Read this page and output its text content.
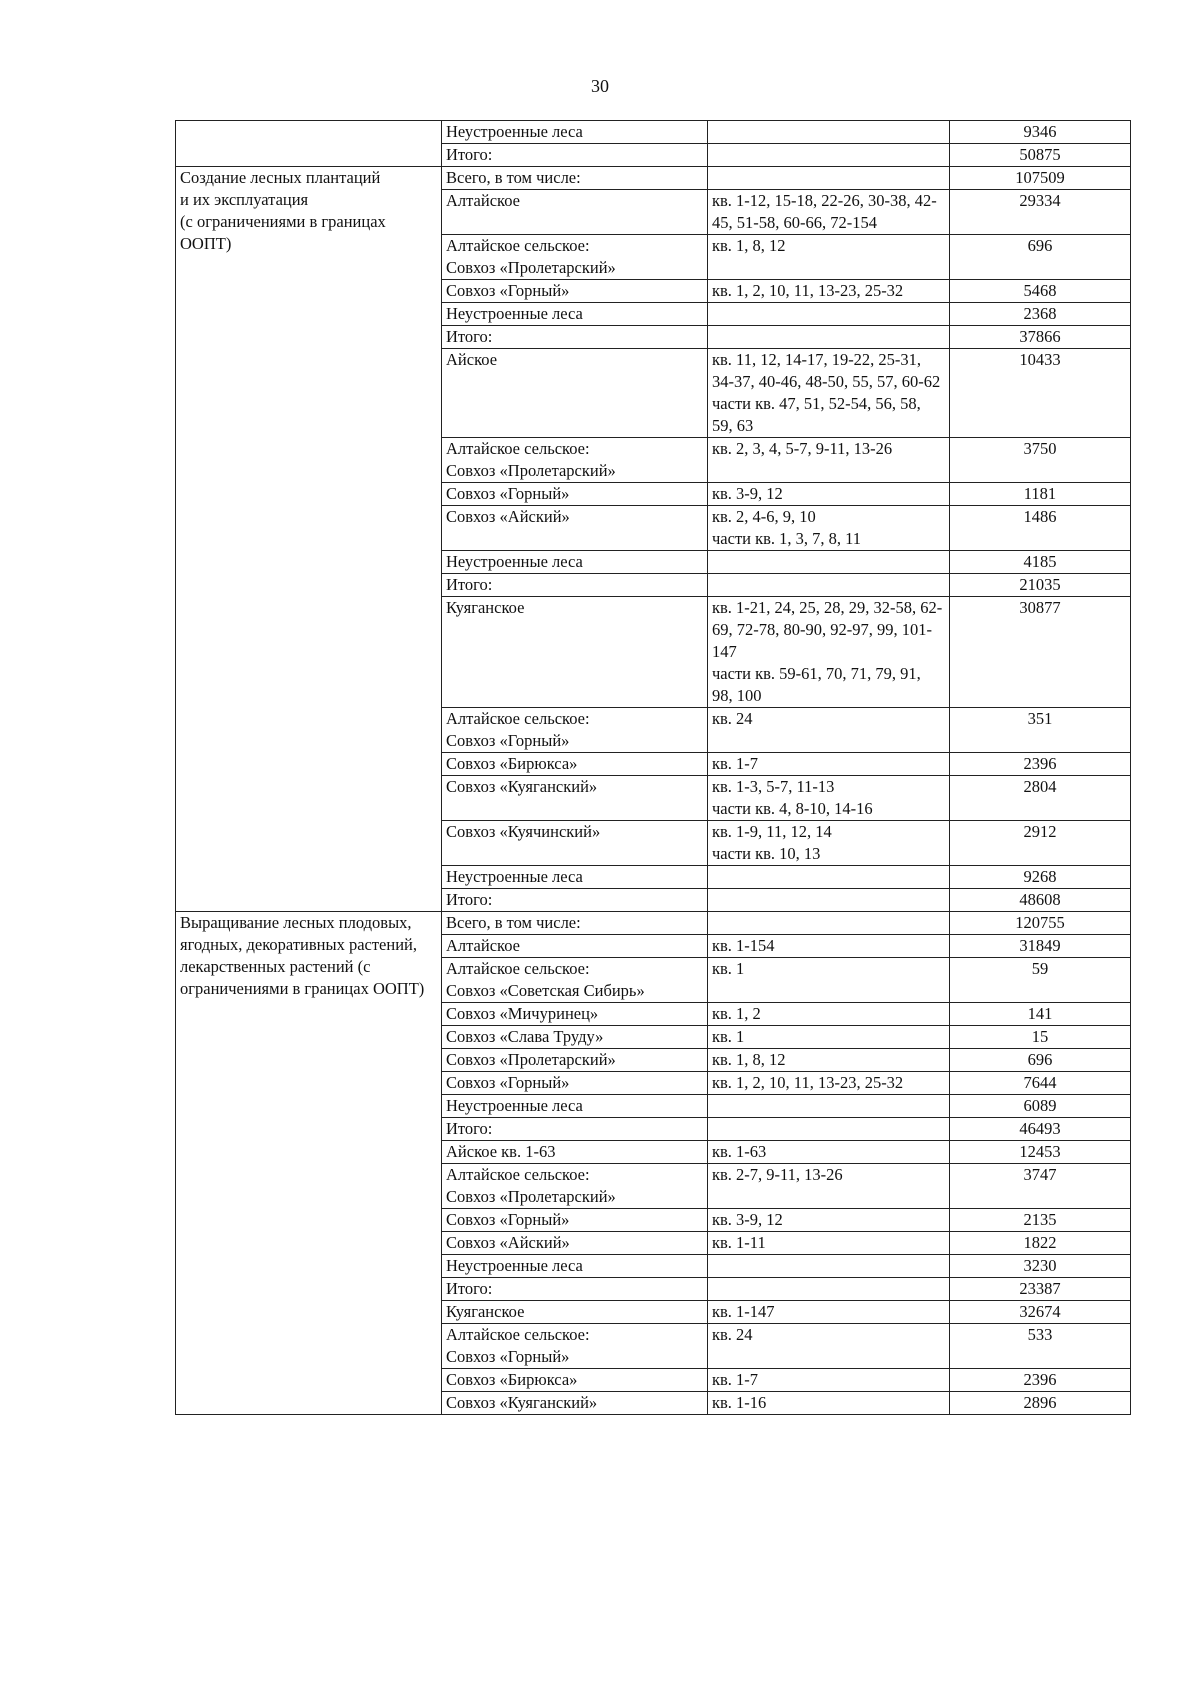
30

	Неустроенные леса		9346

	Итого:		50875

Создание лесных плантаций
и их эксплуатация
(с ограничениями в границах ООПТ)	Всего, в том числе:		107509

	Алтайское	кв. 1-12, 15-18, 22-26, 30-38, 42-45, 51-58, 60-66, 72-154	29334

	Алтайское сельское:
Совхоз «Пролетарский»	кв. 1, 8, 12	696

	Совхоз «Горный»	кв. 1, 2, 10, 11, 13-23, 25-32	5468

	Неустроенные леса		2368

	Итого:		37866

	Айское	кв. 11, 12, 14-17, 19-22, 25-31, 34-37, 40-46, 48-50, 55, 57, 60-62
части кв. 47, 51, 52-54, 56, 58, 59, 63	10433

	Алтайское сельское:
Совхоз «Пролетарский»	кв. 2, 3, 4, 5-7, 9-11, 13-26	3750

	Совхоз «Горный»	кв. 3-9, 12	1181

	Совхоз «Айский»	кв. 2, 4-6, 9, 10
части кв. 1, 3, 7, 8, 11	1486

	Неустроенные леса		4185

	Итого:		21035

	Куяганское	кв. 1-21, 24, 25, 28, 29, 32-58, 62-69, 72-78, 80-90, 92-97, 99, 101-147
части кв. 59-61, 70, 71, 79, 91, 98, 100	30877

	Алтайское сельское:
Совхоз «Горный»	кв. 24	351

	Совхоз «Бирюкса»	кв. 1-7	2396

	Совхоз «Куяганский»	кв. 1-3, 5-7, 11-13
части кв. 4, 8-10, 14-16	2804

	Совхоз «Куячинский»	кв. 1-9, 11, 12, 14
части кв. 10, 13	2912

	Неустроенные леса		9268

	Итого:		48608

Выращивание лесных плодовых, ягодных, декоративных растений, лекарственных растений (с ограничениями в границах ООПТ)	Всего, в том числе:		120755

	Алтайское	кв. 1-154	31849

	Алтайское сельское:
Совхоз «Советская Сибирь»	кв. 1	59

	Совхоз «Мичуринец»	кв. 1, 2	141

	Совхоз «Слава Труду»	кв. 1	15

	Совхоз «Пролетарский»	кв. 1, 8, 12	696

	Совхоз «Горный»	кв. 1, 2, 10, 11, 13-23, 25-32	7644

	Неустроенные леса		6089

	Итого:		46493

	Айское кв. 1-63	кв. 1-63	12453

	Алтайское сельское:
Совхоз «Пролетарский»	кв. 2-7, 9-11, 13-26	3747

	Совхоз «Горный»	кв. 3-9, 12	2135

	Совхоз «Айский»	кв. 1-11	1822

	Неустроенные леса		3230

	Итого:		23387

	Куяганское	кв. 1-147	32674

	Алтайское сельское:
Совхоз «Горный»	кв. 24	533

	Совхоз «Бирюкса»	кв. 1-7	2396

	Совхоз «Куяганский»	кв. 1-16	2896
